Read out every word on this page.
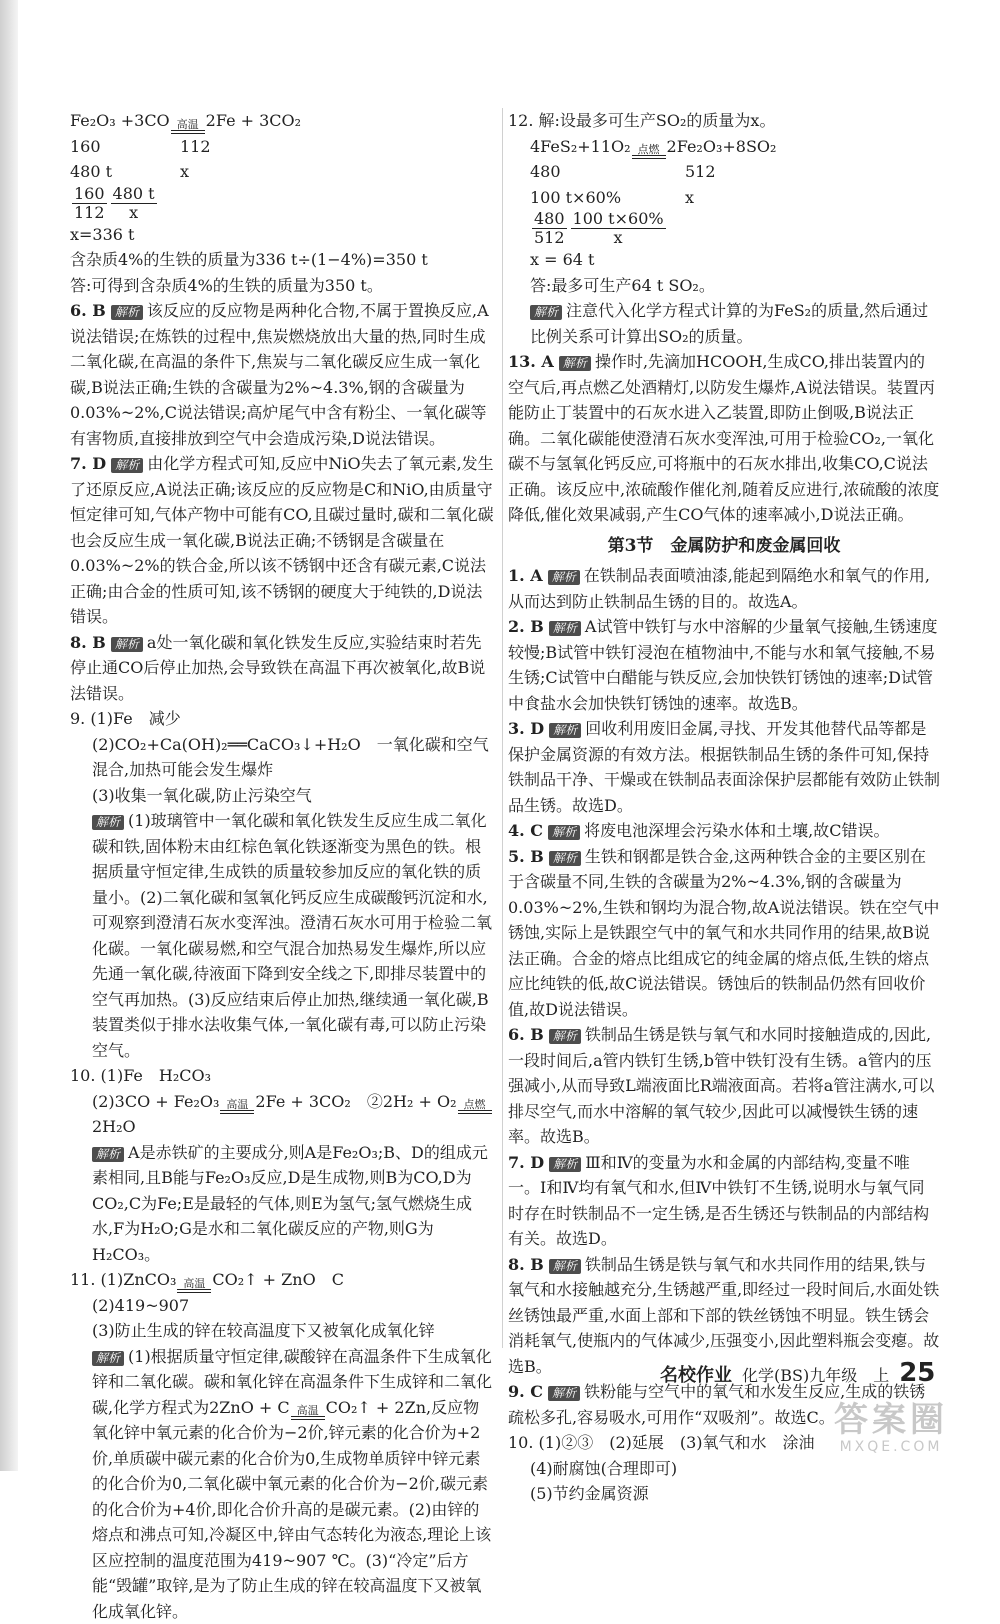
Fe₂O₃ +3CO 高温 2Fe + 3CO₂

160	112

480 t	x

$\frac{160}{112} \frac{480 t}{x}$

x=336 t

含杂质4%的生铁的质量为336 t÷(1−4%)=350 t

答:可得到含杂质4%的生铁的质量为350 t。

6. B 解析 该反应的反应物是两种化合物,不属于置换反应,A说法错误;在炼铁的过程中,焦炭燃烧放出大量的热,同时生成二氧化碳,在高温的条件下,焦炭与二氧化碳反应生成一氧化碳,B说法正确;生铁的含碳量为2%~4.3%,钢的含碳量为0.03%~2%,C说法错误;高炉尾气中含有粉尘、一氧化碳等有害物质,直接排放到空气中会造成污染,D说法错误。

7. D 解析 由化学方程式可知,反应中NiO失去了氧元素,发生了还原反应,A说法正确;该反应的反应物是C和NiO,由质量守恒定律可知,气体产物中可能有CO,且碳过量时,碳和二氧化碳也会反应生成一氧化碳,B说法正确;不锈钢是含碳量在0.03%~2%的铁合金,所以该不锈钢中还含有碳元素,C说法正确;由合金的性质可知,该不锈钢的硬度大于纯铁的,D说法错误。

8. B 解析 a处一氧化碳和氧化铁发生反应,实验结束时若先停止通CO后停止加热,会导致铁在高温下再次被氧化,故B说法错误。

9. (1)Fe　减少

(2)CO₂+Ca(OH)₂══CaCO₃↓+H₂O　一氧化碳和空气混合,加热可能会发生爆炸

(3)收集一氧化碳,防止污染空气

解析 (1)玻璃管中一氧化碳和氧化铁发生反应生成二氧化碳和铁,固体粉末由红棕色氧化铁逐渐变为黑色的铁。根据质量守恒定律,生成铁的质量较参加反应的氧化铁的质量小。(2)二氧化碳和氢氧化钙反应生成碳酸钙沉淀和水,可观察到澄清石灰水变浑浊。澄清石灰水可用于检验二氧化碳。一氧化碳易燃,和空气混合加热易发生爆炸,所以应先通一氧化碳,待液面下降到安全线之下,即排尽装置中的空气再加热。(3)反应结束后停止加热,继续通一氧化碳,B装置类似于排水法收集气体,一氧化碳有毒,可以防止污染空气。

10. (1)Fe　H₂CO₃

(2)3CO + Fe₂O₃ 高温 2Fe + 3CO₂　②2H₂ + O₂ 点燃
2H₂O

解析 A是赤铁矿的主要成分,则A是Fe₂O₃;B、D的组成元素相同,且B能与Fe₂O₃反应,D是生成物,则B为CO,D为CO₂,C为Fe;E是最轻的气体,则E为氢气;氢气燃烧生成水,F为H₂O;G是水和二氧化碳反应的产物,则G为H₂CO₃。

11. (1)ZnCO₃ 高温 CO₂↑ + ZnO　C

(2)419~907

(3)防止生成的锌在较高温度下又被氧化成氧化锌

解析 (1)根据质量守恒定律,碳酸锌在高温条件下生成氧化锌和二氧化碳。碳和氧化锌在高温条件下生成锌和二氧化碳,化学方程式为2ZnO + C 高温 CO₂↑ + 2Zn,反应物氧化锌中氧元素的化合价为−2价,锌元素的化合价为+2价,单质碳中碳元素的化合价为0,生成物单质锌中锌元素的化合价为0,二氧化碳中氧元素的化合价为−2价,碳元素的化合价为+4价,即化合价升高的是碳元素。(2)由锌的熔点和沸点可知,冷凝区中,锌由气态转化为液态,理论上该区应控制的温度范围为419~907 ℃。(3)“冷定”后方能“毁罐”取锌,是为了防止生成的锌在较高温度下又被氧化成氧化锌。

12. 解:设最多可生产SO₂的质量为x。

4FeS₂+11O₂ 点燃 2Fe₂O₃+8SO₂

480	512

100 t×60%	x

$\frac{480}{512} \frac{100 t\times 60\%}{x}$

x = 64 t

答:最多可生产64 t SO₂。

解析 注意代入化学方程式计算的为FeS₂的质量,然后通过比例关系可计算出SO₂的质量。

13. A 解析 操作时,先滴加HCOOH,生成CO,排出装置内的空气后,再点燃乙处酒精灯,以防发生爆炸,A说法错误。装置丙能防止丁装置中的石灰水进入乙装置,即防止倒吸,B说法正确。二氧化碳能使澄清石灰水变浑浊,可用于检验CO₂,一氧化碳不与氢氧化钙反应,可将瓶中的石灰水排出,收集CO,C说法正确。该反应中,浓硫酸作催化剂,随着反应进行,浓硫酸的浓度降低,催化效果减弱,产生CO气体的速率减小,D说法正确。

第3节　金属防护和废金属回收

1. A 解析 在铁制品表面喷油漆,能起到隔绝水和氧气的作用,从而达到防止铁制品生锈的目的。故选A。

2. B 解析 A试管中铁钉与水中溶解的少量氧气接触,生锈速度较慢;B试管中铁钉浸泡在植物油中,不能与水和氧气接触,不易生锈;C试管中白醋能与铁反应,会加快铁钉锈蚀的速率;D试管中食盐水会加快铁钉锈蚀的速率。故选B。

3. D 解析 回收利用废旧金属,寻找、开发其他替代品等都是保护金属资源的有效方法。根据铁制品生锈的条件可知,保持铁制品干净、干燥或在铁制品表面涂保护层都能有效防止铁制品生锈。故选D。

4. C 解析 将废电池深埋会污染水体和土壤,故C错误。

5. B 解析 生铁和钢都是铁合金,这两种铁合金的主要区别在于含碳量不同,生铁的含碳量为2%~4.3%,钢的含碳量为0.03%~2%,生铁和钢均为混合物,故A说法错误。铁在空气中锈蚀,实际上是铁跟空气中的氧气和水共同作用的结果,故B说法正确。合金的熔点比组成它的纯金属的熔点低,生铁的熔点应比纯铁的低,故C说法错误。锈蚀后的铁制品仍然有回收价值,故D说法错误。

6. B 解析 铁制品生锈是铁与氧气和水同时接触造成的,因此,一段时间后,a管内铁钉生锈,b管中铁钉没有生锈。a管内的压强减小,从而导致L端液面比R端液面高。若将a管注满水,可以排尽空气,而水中溶解的氧气较少,因此可以减慢铁生锈的速率。故选B。

7. D 解析 Ⅲ和Ⅳ的变量为水和金属的内部结构,变量不唯一。Ⅰ和Ⅳ均有氧气和水,但Ⅳ中铁钉不生锈,说明水与氧气同时存在时铁制品不一定生锈,是否生锈还与铁制品的内部结构有关。故选D。

8. B 解析 铁制品生锈是铁与氧气和水共同作用的结果,铁与氧气和水接触越充分,生锈越严重,即经过一段时间后,水面处铁丝锈蚀最严重,水面上部和下部的铁丝锈蚀不明显。铁生锈会消耗氧气,使瓶内的气体减少,压强变小,因此塑料瓶会变瘪。故选B。

9. C 解析 铁粉能与空气中的氧气和水发生反应,生成的铁锈疏松多孔,容易吸水,可用作“双吸剂”。故选C。

10. (1)②③　(2)延展　(3)氧气和水　涂油

(4)耐腐蚀(合理即可)

(5)节约金属资源

名校作业 化学(BS)九年级　上 25
答案圈
MXQE.COM
